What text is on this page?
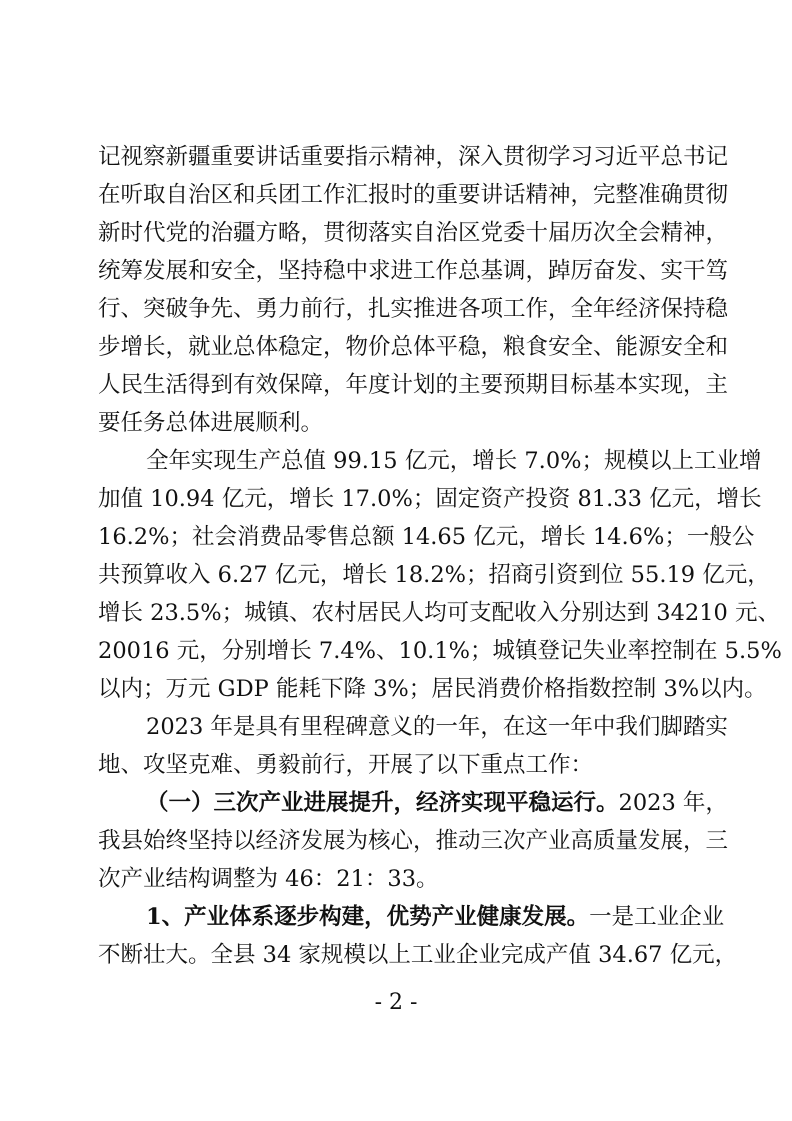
记视察新疆重要讲话重要指示精神，深入贯彻学习习近平总书记
在听取自治区和兵团工作汇报时的重要讲话精神，完整准确贯彻
新时代党的治疆方略，贯彻落实自治区党委十届历次全会精神，
统筹发展和安全，坚持稳中求进工作总基调，踔厉奋发、实干笃
行、突破争先、勇力前行，扎实推进各项工作，全年经济保持稳
步增长，就业总体稳定，物价总体平稳，粮食安全、能源安全和
人民生活得到有效保障，年度计划的主要预期目标基本实现，主
要任务总体进展顺利。
全年实现生产总值 99.15 亿元，增长 7.0%；规模以上工业增
加值 10.94 亿元，增长 17.0%；固定资产投资 81.33 亿元，增长
16.2%；社会消费品零售总额 14.65 亿元，增长 14.6%；一般公
共预算收入 6.27 亿元，增长 18.2%；招商引资到位 55.19 亿元，
增长 23.5%；城镇、农村居民人均可支配收入分别达到 34210 元、
20016 元，分别增长 7.4%、10.1%；城镇登记失业率控制在 5.5%
以内；万元 GDP 能耗下降 3%；居民消费价格指数控制 3%以内。
2023 年是具有里程碑意义的一年，在这一年中我们脚踏实
地、攻坚克难、勇毅前行，开展了以下重点工作：
（一）三次产业进展提升，经济实现平稳运行。2023 年，
我县始终坚持以经济发展为核心，推动三次产业高质量发展，三
次产业结构调整为 46：21：33。
1、产业体系逐步构建，优势产业健康发展。一是工业企业
不断壮大。全县 34 家规模以上工业企业完成产值 34.67 亿元，
- 2 -
